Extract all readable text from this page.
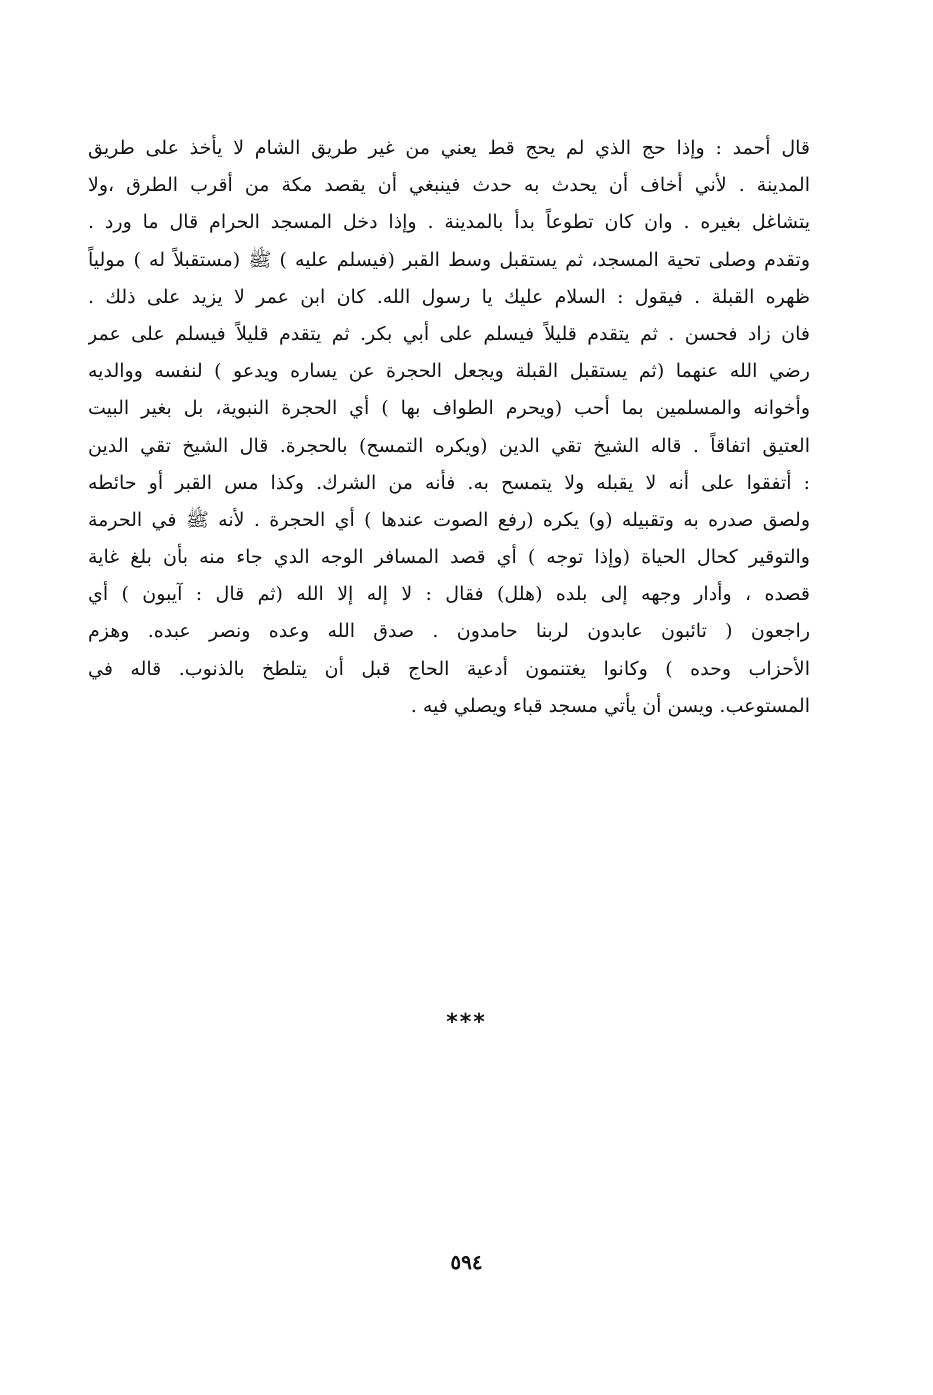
قال أحمد : وإذا حج الذي لم يحج قط يعني من غير طريق الشام لا يأخذ على طريق
المدينة . لأني أخاف أن يحدث به حدث فينبغي أن يقصد مكة من أقرب الطرق ،ولا
يتشاغل بغيره . وان كان تطوعاً بدأ بالمدينة . وإذا دخل المسجد الحرام قال ما ورد .
وتقدم وصلى تحية المسجد، ثم يستقبل وسط القبر (فيسلم عليه ) ﷺ (مستقبلاً له ) مولياً
ظهره القبلة . فيقول : السلام عليك يا رسول الله. كان ابن عمر لا يزيد على ذلك .
فان زاد فحسن . ثم يتقدم قليلاً فيسلم على أبي بكر. ثم يتقدم قليلاً فيسلم على عمر
رضي الله عنهما (ثم يستقبل القبلة ويجعل الحجرة عن يساره ويدعو ) لنفسه ووالديه
وأخوانه والمسلمين بما أحب (ويحرم الطواف بها ) أي الحجرة النبوية، بل بغير البيت
العتيق اتفاقاً . قاله الشيخ تقي الدين (ويكره التمسح) بالحجرة. قال الشيخ تقي الدين
: أتفقوا على أنه لا يقبله ولا يتمسح به. فأنه من الشرك. وكذا مس القبر أو حائطه
ولصق صدره به وتقبيله (و) يكره (رفع الصوت عندها ) أي الحجرة . لأنه ﷺ في الحرمة
والتوقير كحال الحياة (وإذا توجه ) أي قصد المسافر الوجه الدي جاء منه بأن بلغ غاية
قصده ، وأدار وجهه إلى بلده (هلل) فقال : لا إله إلا الله (ثم قال : آيبون ) أي
راجعون ( تائبون عابدون لربنا حامدون . صدق الله وعده ونصر عبده. وهزم
الأحزاب وحده ) وكانوا يغتنمون أدعية الحاج قبل أن يتلطخ بالذنوب. قاله في
المستوعب. ويسن أن يأتي مسجد قباء ويصلي فيه .
***
٥٩٤
